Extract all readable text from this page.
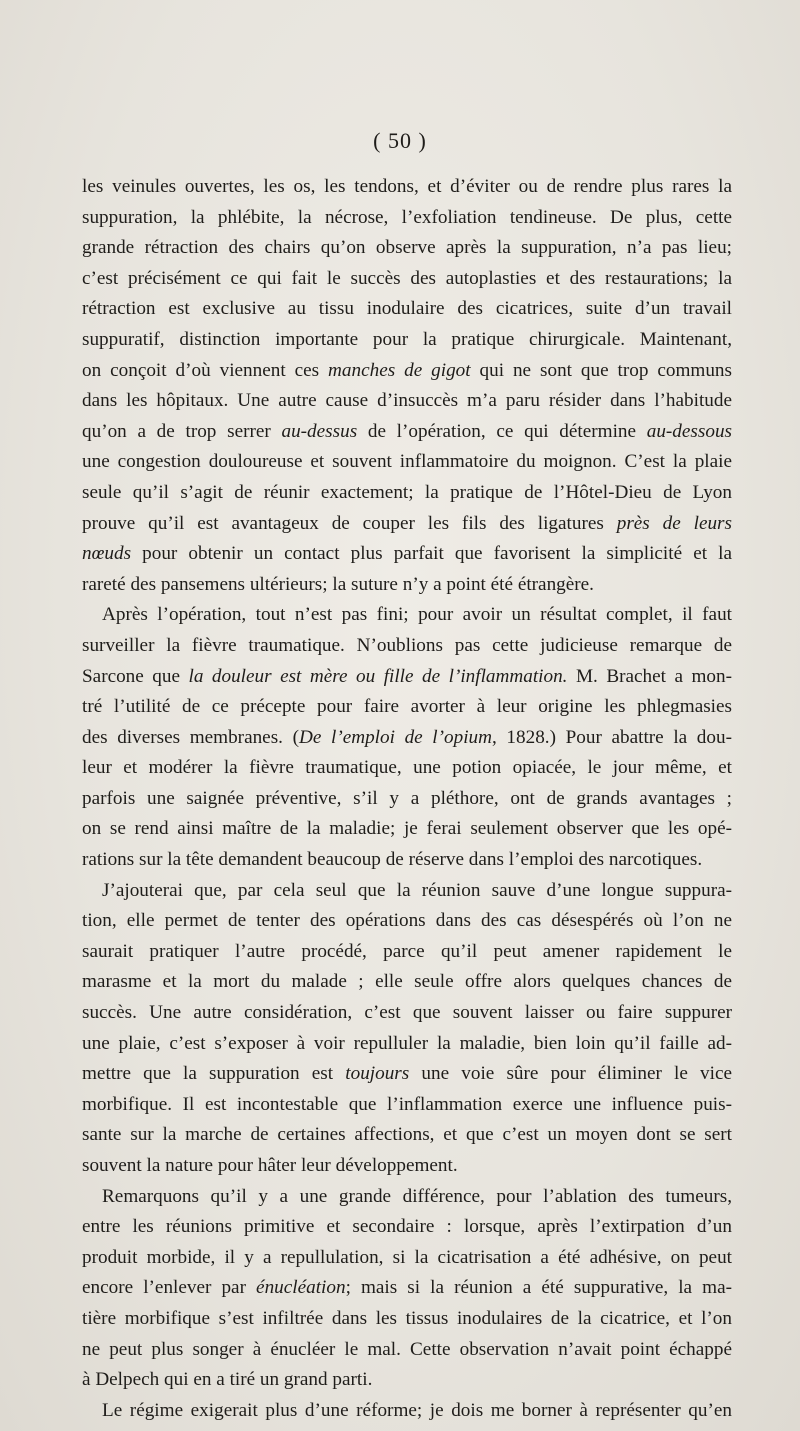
( 50 )
les veinules ouvertes, les os, les tendons, et d’éviter ou de rendre plus rares la
suppuration, la phlébite, la nécrose, l’exfoliation tendineuse. De plus, cette
grande rétraction des chairs qu’on observe après la suppuration, n’a pas lieu;
c’est précisément ce qui fait le succès des autoplasties et des restaurations; la
rétraction est exclusive au tissu inodulaire des cicatrices, suite d’un travail
suppuratif, distinction importante pour la pratique chirurgicale. Maintenant,
on conçoit d’où viennent ces manches de gigot qui ne sont que trop communs
dans les hôpitaux. Une autre cause d’insuccès m’a paru résider dans l’habitude
qu’on a de trop serrer au-dessus de l’opération, ce qui détermine au-dessous
une congestion douloureuse et souvent inflammatoire du moignon. C’est la plaie
seule qu’il s’agit de réunir exactement; la pratique de l’Hôtel-Dieu de Lyon
prouve qu’il est avantageux de couper les fils des ligatures près de leurs
nœuds pour obtenir un contact plus parfait que favorisent la simplicité et la
rareté des pansemens ultérieurs; la suture n’y a point été étrangère.
Après l’opération, tout n’est pas fini; pour avoir un résultat complet, il faut
surveiller la fièvre traumatique. N’oublions pas cette judicieuse remarque de
Sarcone que la douleur est mère ou fille de l’inflammation. M. Brachet a mon-
tré l’utilité de ce précepte pour faire avorter à leur origine les phlegmasies
des diverses membranes. (De l’emploi de l’opium, 1828.) Pour abattre la dou-
leur et modérer la fièvre traumatique, une potion opiacée, le jour même, et
parfois une saignée préventive, s’il y a pléthore, ont de grands avantages ;
on se rend ainsi maître de la maladie; je ferai seulement observer que les opé-
rations sur la tête demandent beaucoup de réserve dans l’emploi des narcotiques.
J’ajouterai que, par cela seul que la réunion sauve d’une longue suppura-
tion, elle permet de tenter des opérations dans des cas désespérés où l’on ne
saurait pratiquer l’autre procédé, parce qu’il peut amener rapidement le
marasme et la mort du malade ; elle seule offre alors quelques chances de
succès. Une autre considération, c’est que souvent laisser ou faire suppurer
une plaie, c’est s’exposer à voir repulluler la maladie, bien loin qu’il faille ad-
mettre que la suppuration est toujours une voie sûre pour éliminer le vice
morbifique. Il est incontestable que l’inflammation exerce une influence puis-
sante sur la marche de certaines affections, et que c’est un moyen dont se sert
souvent la nature pour hâter leur développement.
Remarquons qu’il y a une grande différence, pour l’ablation des tumeurs,
entre les réunions primitive et secondaire : lorsque, après l’extirpation d’un
produit morbide, il y a repullulation, si la cicatrisation a été adhésive, on peut
encore l’enlever par énucléation; mais si la réunion a été suppurative, la ma-
tière morbifique s’est infiltrée dans les tissus inodulaires de la cicatrice, et l’on
ne peut plus songer à énucléer le mal. Cette observation n’avait point échappé
à Delpech qui en a tiré un grand parti.
Le régime exigerait plus d’une réforme; je dois me borner à représenter qu’en
